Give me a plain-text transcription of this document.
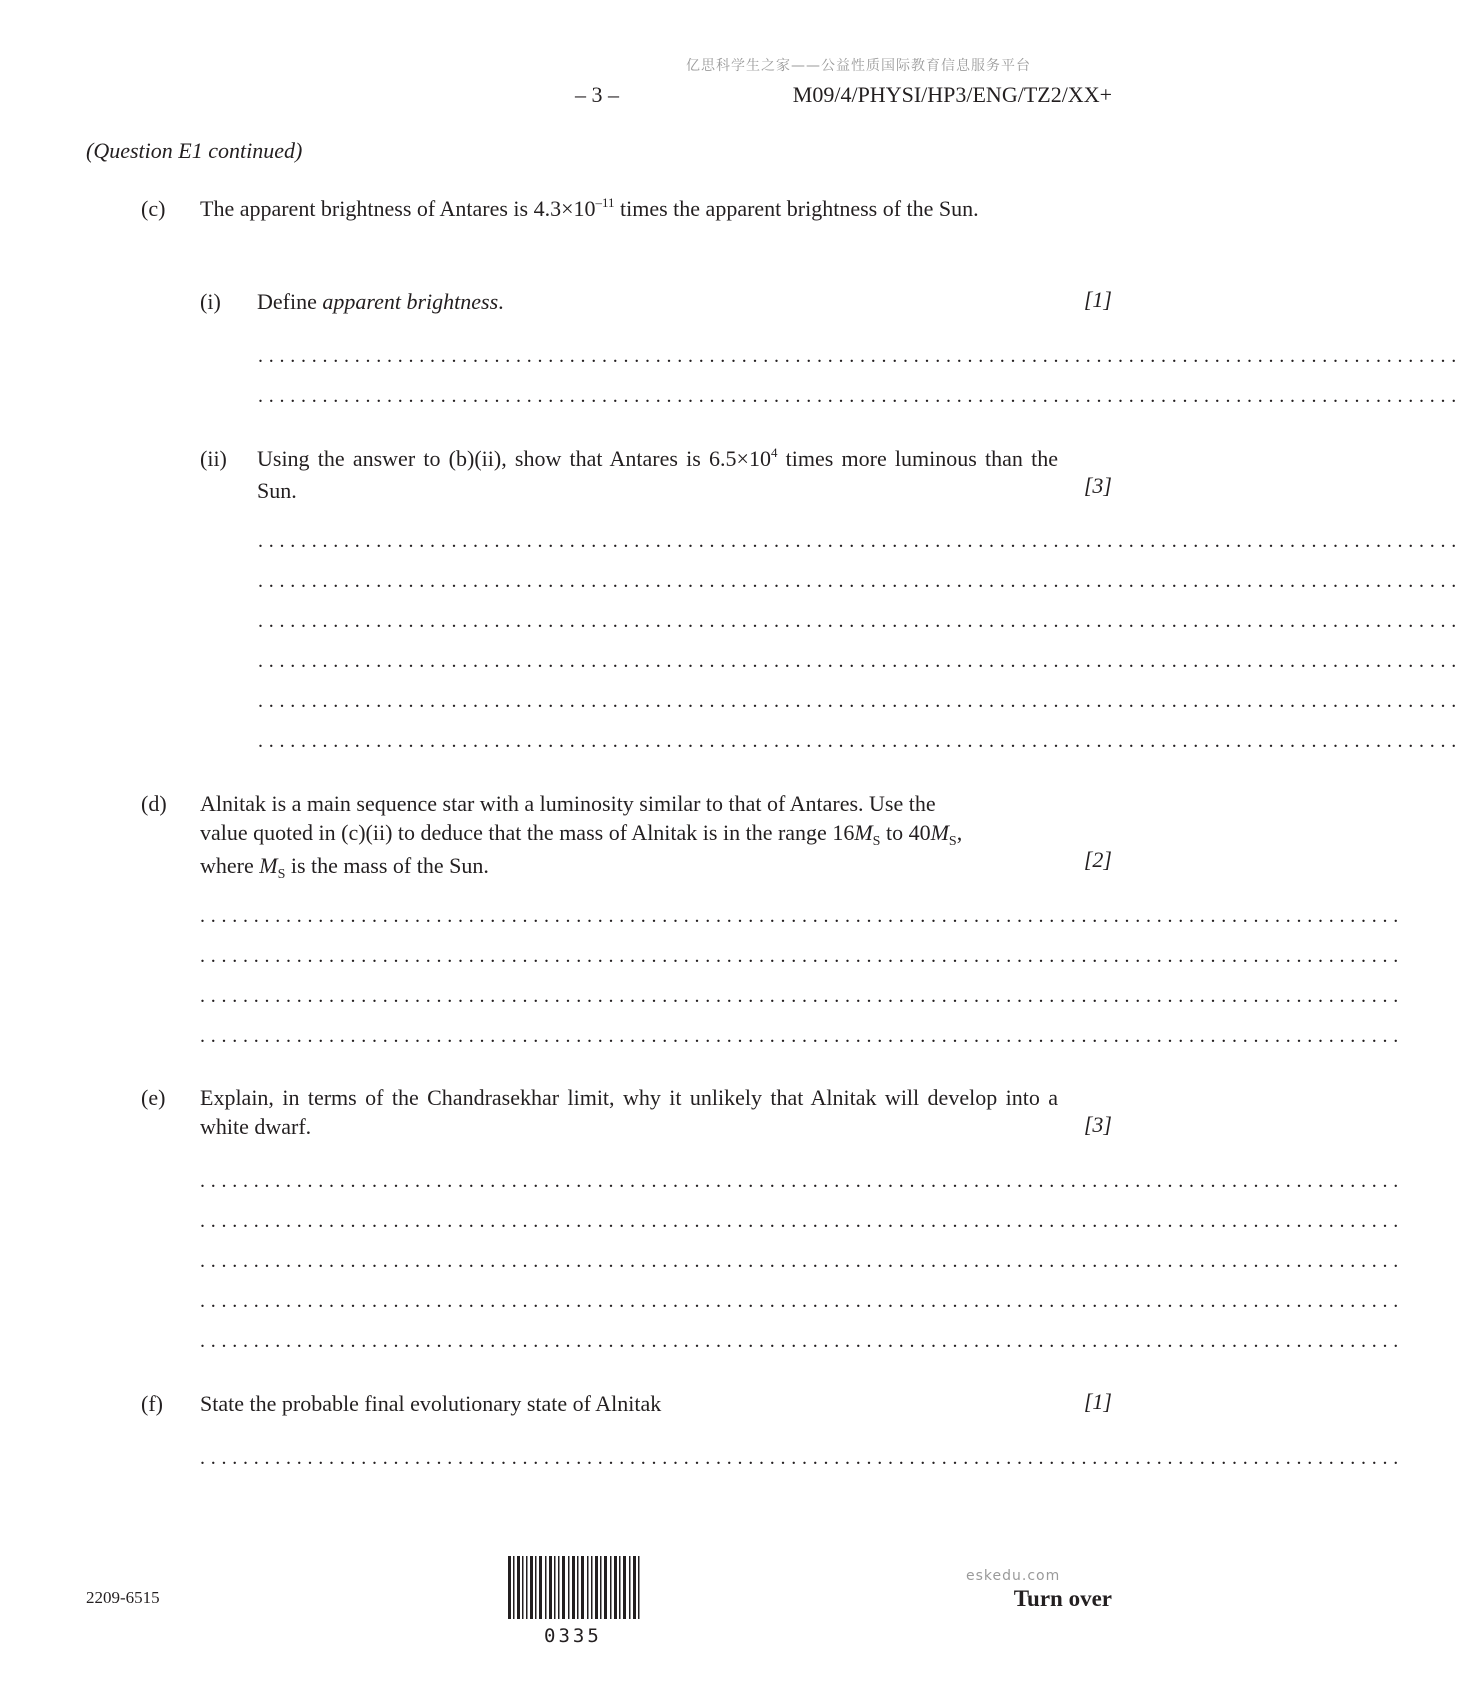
亿思科学生之家——公益性质国际教育信息服务平台
– 3 –	M09/4/PHYSI/HP3/ENG/TZ2/XX+
(Question E1 continued)
(c) The apparent brightness of Antares is $4.3\times 10^{-11}$ times the apparent brightness of the Sun.
(i) Define apparent brightness.	[1]
................................................................................................................
................................................................................................................
(ii) Using the answer to (b)(ii), show that Antares is $6.5\times 10^4$ times more luminous than the Sun.	[3]
................................................................................................................
................................................................................................................
................................................................................................................
................................................................................................................
................................................................................................................
................................................................................................................
(d) Alnitak is a main sequence star with a luminosity similar to that of Antares. Use the
value quoted in (c)(ii) to deduce that the mass of Alnitak is in the range $16M_S$ to $40M_S$,
where $M_S$ is the mass of the Sun.	[2]
................................................................................................................
................................................................................................................
................................................................................................................
................................................................................................................
(e) Explain, in terms of the Chandrasekhar limit, why it unlikely that Alnitak will develop into a white dwarf.	[3]
................................................................................................................
................................................................................................................
................................................................................................................
................................................................................................................
................................................................................................................
(f) State the probable final evolutionary state of Alnitak	[1]
................................................................................................................
2209-6515
0335
eskedu.com
Turn over
